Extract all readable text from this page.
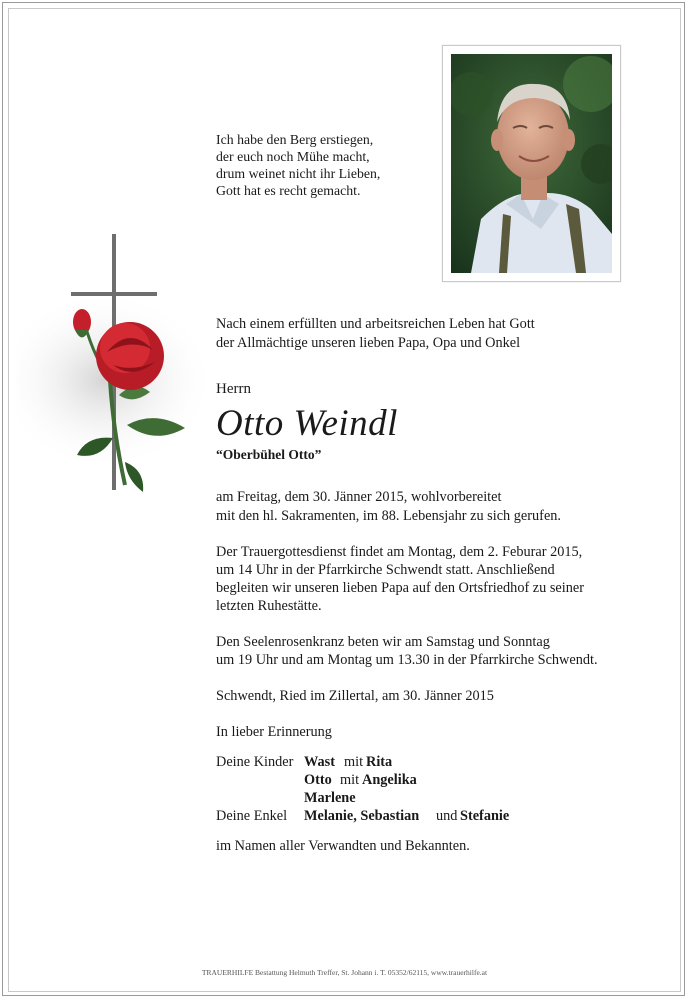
Ich habe den Berg erstiegen,
der euch noch Mühe macht,
drum weinet nicht ihr Lieben,
Gott hat es recht gemacht.
Nach einem erfüllten und arbeitsreichen Leben hat Gott
der Allmächtige unseren lieben Papa, Opa und Onkel
Herrn
Otto Weindl
“Oberbühel Otto”
am Freitag, dem 30. Jänner 2015, wohlvorbereitet
mit den hl. Sakramenten, im 88. Lebensjahr zu sich gerufen.
Der Trauergottesdienst findet am Montag, dem 2. Feburar 2015,
um 14 Uhr in der Pfarrkirche Schwendt statt. Anschließend
begleiten wir unseren lieben Papa auf den Ortsfriedhof zu seiner
letzten Ruhestätte.
Den Seelenrosenkranz beten wir am Samstag und Sonntag
um 19 Uhr und am Montag um 13.30 in der Pfarrkirche Schwendt.
Schwendt, Ried im Zillertal, am 30. Jänner 2015
In lieber Erinnerung
Deine Kinder Wast mit Rita
Otto mit Angelika
Marlene
Deine Enkel Melanie, Sebastian und Stefanie
im Namen aller Verwandten und Bekannten.
TRAUERHILFE Bestattung Helmuth Treffer, St. Johann i. T. 05352/62115, www.trauerhilfe.at
